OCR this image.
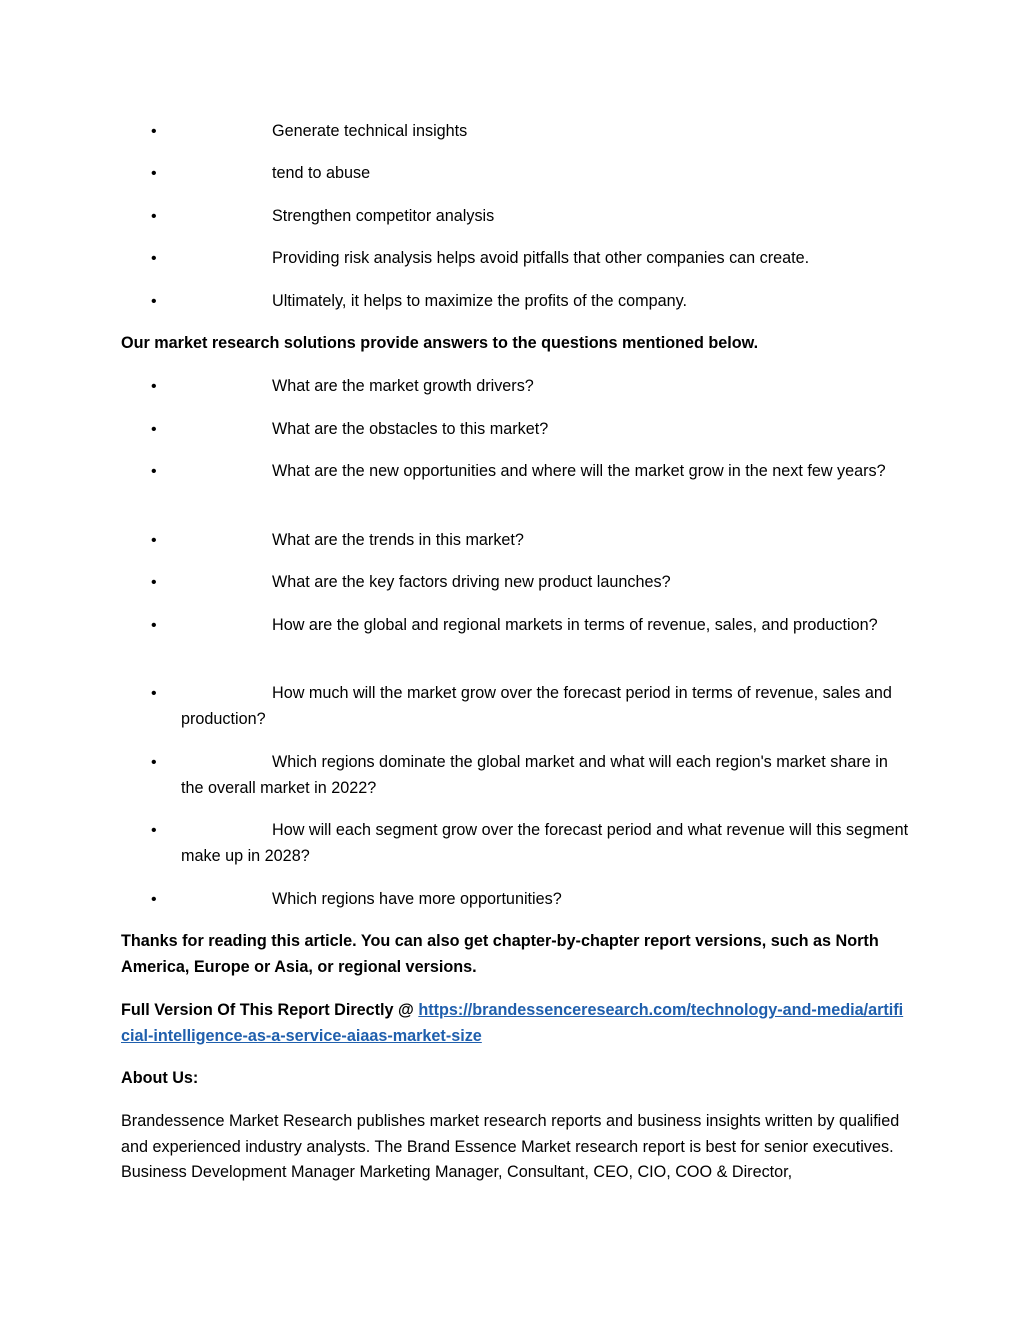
•	Generate technical insights
•	tend to abuse
•	Strengthen competitor analysis
•	Providing risk analysis helps avoid pitfalls that other companies can create.
•	Ultimately, it helps to maximize the profits of the company.
Our market research solutions provide answers to the questions mentioned below.
•	What are the market growth drivers?
•	What are the obstacles to this market?
•	What are the new opportunities and where will the market grow in the next few years?
•	What are the trends in this market?
•	What are the key factors driving new product launches?
•	How are the global and regional markets in terms of revenue, sales, and production?
•	How much will the market grow over the forecast period in terms of revenue, sales and production?
•	Which regions dominate the global market and what will each region's market share in the overall market in 2022?
•	How will each segment grow over the forecast period and what revenue will this segment make up in 2028?
•	Which regions have more opportunities?
Thanks for reading this article. You can also get chapter-by-chapter report versions, such as North America, Europe or Asia, or regional versions.
Full Version Of This Report Directly @ https://brandessenceresearch.com/technology-and-media/artificial-intelligence-as-a-service-aiaas-market-size
About Us:
Brandessence Market Research publishes market research reports and business insights written by qualified and experienced industry analysts. The Brand Essence Market research report is best for senior executives. Business Development Manager Marketing Manager, Consultant, CEO, CIO, COO & Director,
